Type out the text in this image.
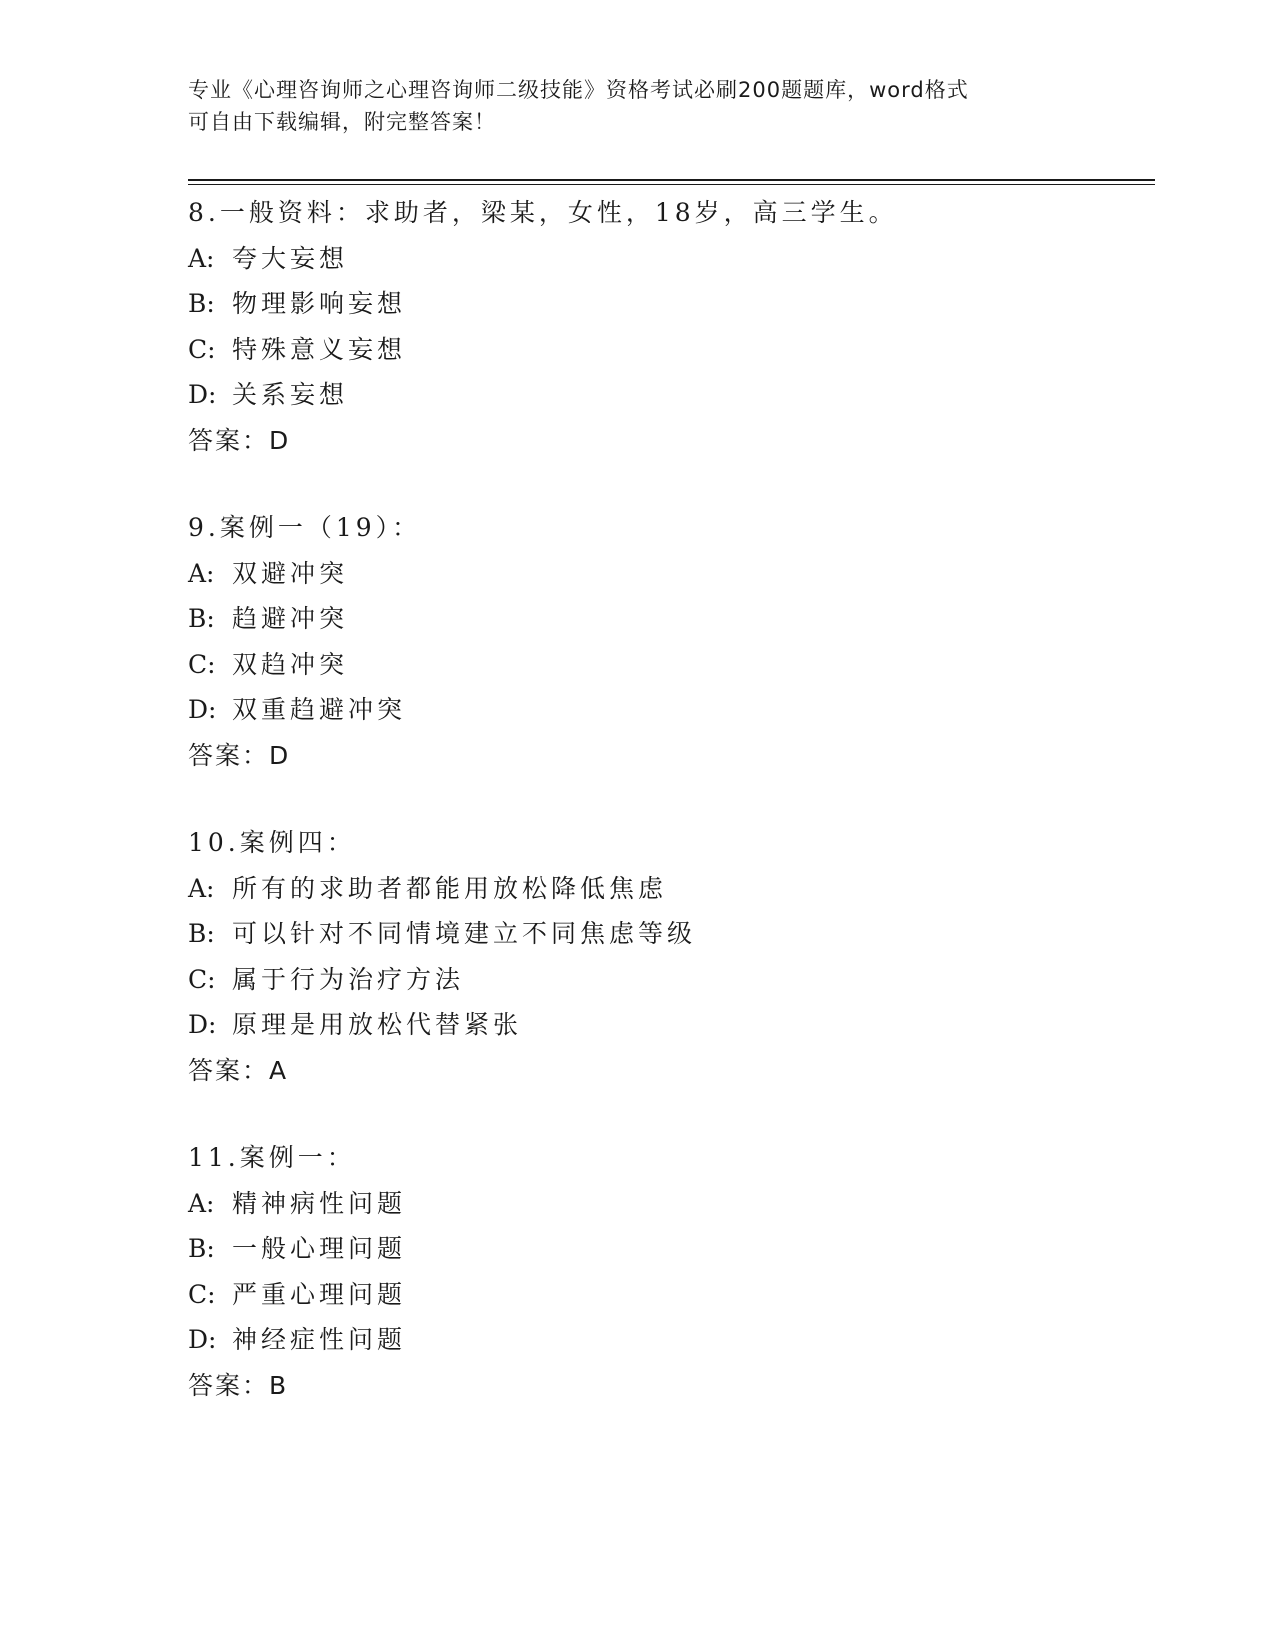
专业《心理咨询师之心理咨询师二级技能》资格考试必刷200题题库，word格式
可自由下载编辑，附完整答案！
8.一般资料：求助者，梁某，女性，18岁，高三学生。
A: 夸大妄想
B: 物理影响妄想
C: 特殊意义妄想
D: 关系妄想
答案：D
9.案例一（19）：
A: 双避冲突
B: 趋避冲突
C: 双趋冲突
D: 双重趋避冲突
答案：D
10.案例四：
A: 所有的求助者都能用放松降低焦虑
B: 可以针对不同情境建立不同焦虑等级
C: 属于行为治疗方法
D: 原理是用放松代替紧张
答案：A
11.案例一：
A: 精神病性问题
B: 一般心理问题
C: 严重心理问题
D: 神经症性问题
答案：B
